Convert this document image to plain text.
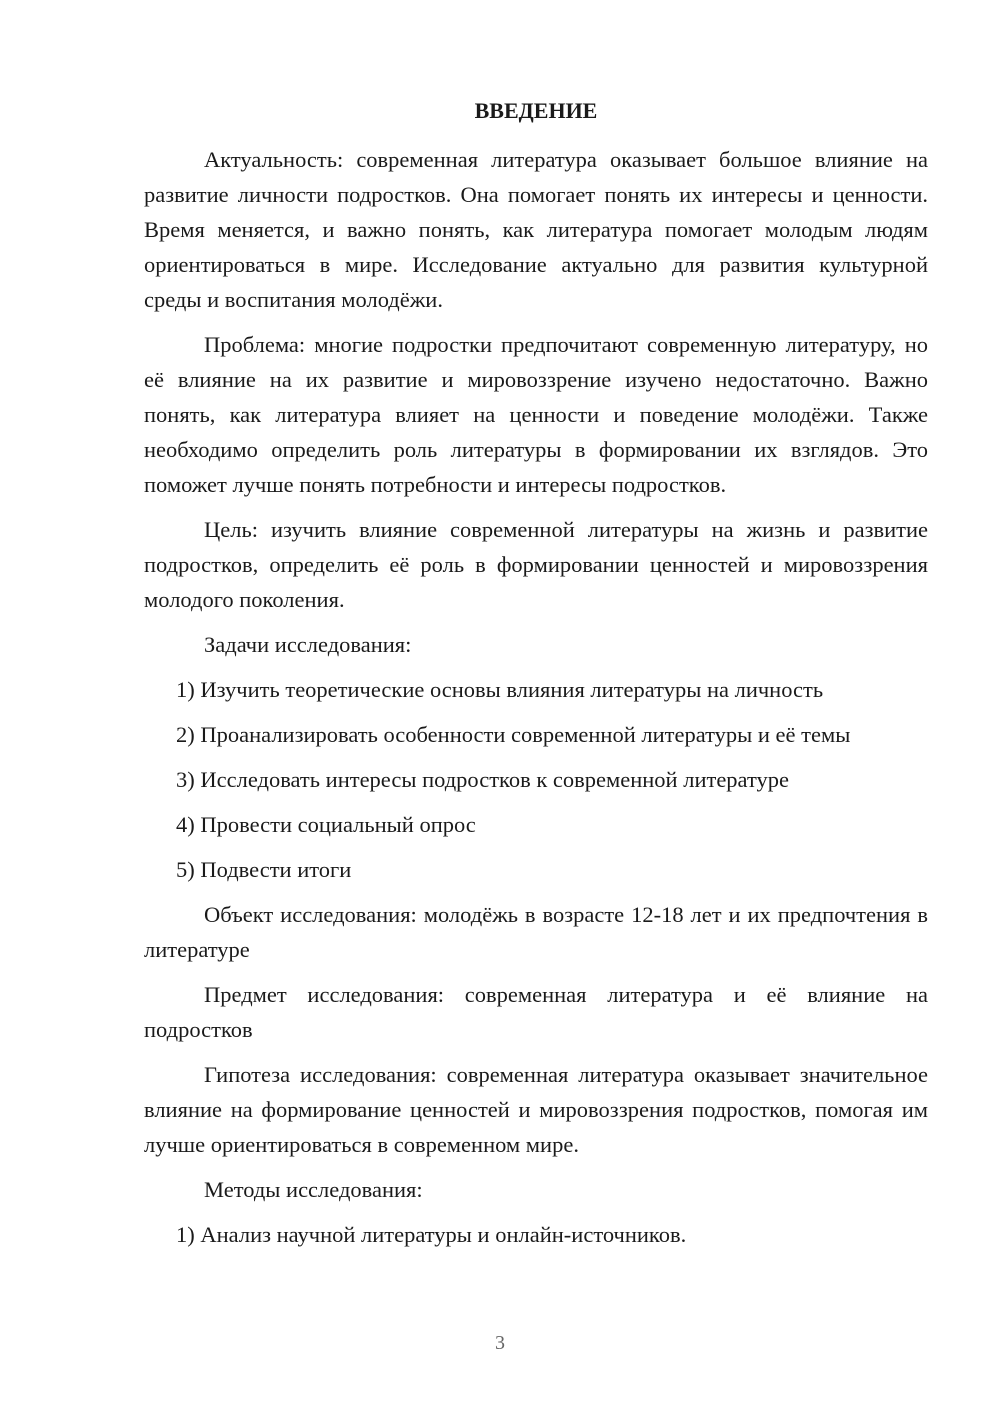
ВВЕДЕНИЕ

Актуальность: современная литература оказывает большое влияние на развитие личности подростков. Она помогает понять их интересы и ценности. Время меняется, и важно понять, как литература помогает молодым людям ориентироваться в мире. Исследование актуально для развития культурной среды и воспитания молодёжи.

Проблема: многие подростки предпочитают современную литературу, но её влияние на их развитие и мировоззрение изучено недостаточно. Важно понять, как литература влияет на ценности и поведение молодёжи. Также необходимо определить роль литературы в формировании их взглядов. Это поможет лучше понять потребности и интересы подростков.

Цель: изучить влияние современной литературы на жизнь и развитие подростков, определить её роль в формировании ценностей и мировоззрения молодого поколения.

Задачи исследования:

1) Изучить теоретические основы влияния литературы на личность
2) Проанализировать особенности современной литературы и её темы
3) Исследовать интересы подростков к современной литературе
4) Провести социальный опрос
5) Подвести итоги

Объект исследования: молодёжь в возрасте 12-18 лет и их предпочтения в литературе

Предмет исследования: современная литература и её влияние на подростков

Гипотеза исследования: современная литература оказывает значительное влияние на формирование ценностей и мировоззрения подростков, помогая им лучше ориентироваться в современном мире.

Методы исследования:

1) Анализ научной литературы и онлайн-источников.
3
